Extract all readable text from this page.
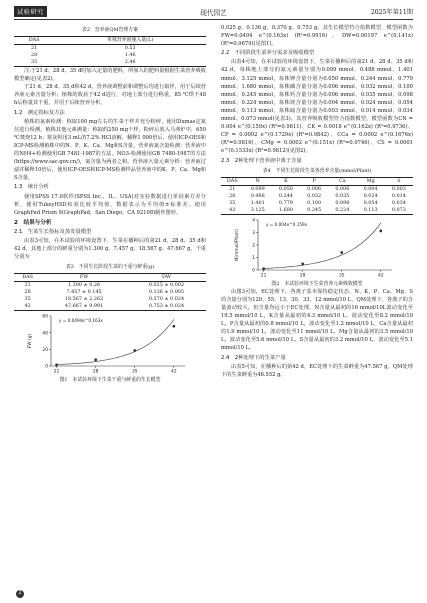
试验研究	现代园艺	2025年第11期
表2　营养液QM管理方案
DAS	单株营养液施入量(L)
21	0.53
28	1.46
35	2.46

注:于21 d、28 d、35 d时加入定量的肥料，所加入的肥料量根据生菜营养吸收模型确定(见表2)。

于21 d、28 d、35 d和42 d，营养液调整前和调整后均进行取样，用于后续营养液元素含量分析；植株的收获于42 d进行，对地上部分进行称重，85 ℃烘干48 h后称量其干重，并用于后续营养分析。

1.2　测定指标及方法

植株的氮素检测：称取100 mg左右的生菜干样并充分粉碎，使用Dumas定氮仪进行检测。植株其他元素测量：称取约250 mg干样，粉碎后放入马弗炉中，650 ℃焚烧12 h；将灰烬用3 mL的7.2% HCl溶解，稀释1 000倍后，使用ICP-OES和ICP-MS检测植株中的N、P、K、Ca、Mg和S含量。营养液氮含量检测：营养液中的NH4+检测使用GB 7481-1987的方法，NO3-检测使用GB 7480-1987的方法(https://www.sac.gov.cn/)，氮含量为两者之和。营养液大量元素分析：营养液过滤并稀释10倍后，使用ICP-OES和ICP-MS检测样品营养液中的K、P、Ca、Mg和S含量。

1.3　统计分析

使用SPSS 17.0软件(SPSS Inc.，IL，USA)对实验数据进行单因素方差分析，使用TukeyHSD检验比较平均值，数据表示为平均值±标准差。使用GraphPad Prism 9(GraphPad，San Diego，CA 92108)制作图形。

2　结果与分析
2.1　生菜生长指标及蒸发量模型

由表3可知，在本试验的环境设置下，生菜在播种后的第21 d、28 d、35 d和42 d，其地上部分的鲜重分别为1.300 g、7.457 g、18.567 g、47.667 g，干重分别为

表3　不同生长阶段生菜的干重与鲜重(g)
DAS	FW	DW
21	1.300 ± 0.26	0.025 ± 0.002
28	7.457 ± 0.145	0.136 ± 0.005
35	18.567 ± 2.262	0.370 ± 0.024
42	47.667 ± 9.991	0.753 ± 0.024
0
20
40
60
21	28	35	42
FW (g)
y = 0.0494e^0.163x
图1　本试验环境下生菜干重与鲜重的生长模型

0.025 g、0.136 g、0.370 g、0.753 g。其生长模型符合指数模型，模型函数为FW=0.0494 e^(0.163x) (R²=0.9916)、DW=0.00197 e^(0.141x) (R²=0.9679)(见图1)。

2.2　不同阶段生菜养分需求及吸收模型

由表4可知，在本试验的环境设置下，生菜在播种后的第21 d、28 d、35 d和42 d，每株地上部分的氮元素量分别为0.099 mmol、0.488 mmol、1.401 mmol、3.125 mmol，每株钾含量分别为0.050 mmol、0.244 mmol、0.779 mmol、1.680 mmol，每株磷含量分别为0.006 mmol、0.032 mmol、0.100 mmol、0.245 mmol，每株钙含量分别为0.006 mmol、0.035 mmol、0.098 mmol、0.224 mmol，每株镁含量分别为0.004 mmol、0.024 mmol、0.054 mmol、0.113 mmol，每株硫含量分别为0.003 mmol、0.014 mmol、0.034 mmol、0.073 mmol(见表3)。其营养吸收模型符合指数模型，模型函数为CN = 0.004 e^(0.159x) (R²=0.9811)、CK = 0.0018 e^(0.162x) (R²=0.9736)、CP = 0.0002 e^(0.1729x) (R²=0.9842)、CCa = 0.0002 e^(0.1676x) (R²=0.9816)、CMg = 0.0002 e^(0.151x) (R²=0.9746)、CS = 0.0001 e^(0.1533x) (R²=0.9812)(见图2)。

2.3　2种处理下营养液中离子含量
表4　不同生长阶段生菜各营养含量(mmol/Plant)
DAS	N	K	P	Ca	Mg	S
21	0.099	0.050	0.006	0.006	0.004	0.003
28	0.488	0.244	0.032	0.035	0.024	0.014
35	1.401	0.779	0.100	0.098	0.054	0.034
42	3.125	1.680	0.245	0.224	0.113	0.073
0
1
2
3
4
21	28	35	42
N(mmol/Plant)
y = 0.004e^0.159x
图2　本试验环境下生菜营养元素吸收模型

由图3可知，EC处理下，各离子基本保持稳定状态，N、K、P、Ca、Mg、S的含量分别为120、55、13、30、33、12 mmol/10 L，QM处理下，各离子的含量波动较大，但含量均远小于EC处理。N含量从最初的16 mmol/10L波动变化至19.5 mmol/10 L，K含量从最初的4.3 mmol/10 L，波动变化至8.2 mmol/10 L，P含量从最初的0.8 mmol/10 L，波动变化至1.2 mmol/10 L，Ca含量从最初的1.9 mmol/10 L，波动变化至11 mmol/10 L，Mg含量从最初的3.5 mmol/10 L，波动变化至5.6 mmol/10 L，S含量从最初的3.2 mmol/10 L，波动变化至5.1 mmol/10 L。

2.4　2种处理下的生菜产量

由表5可知，在播种后的第42 d，EC处理下的生菜鲜重为47.567 g，QM处理下的生菜鲜重为46.552 g。

2
